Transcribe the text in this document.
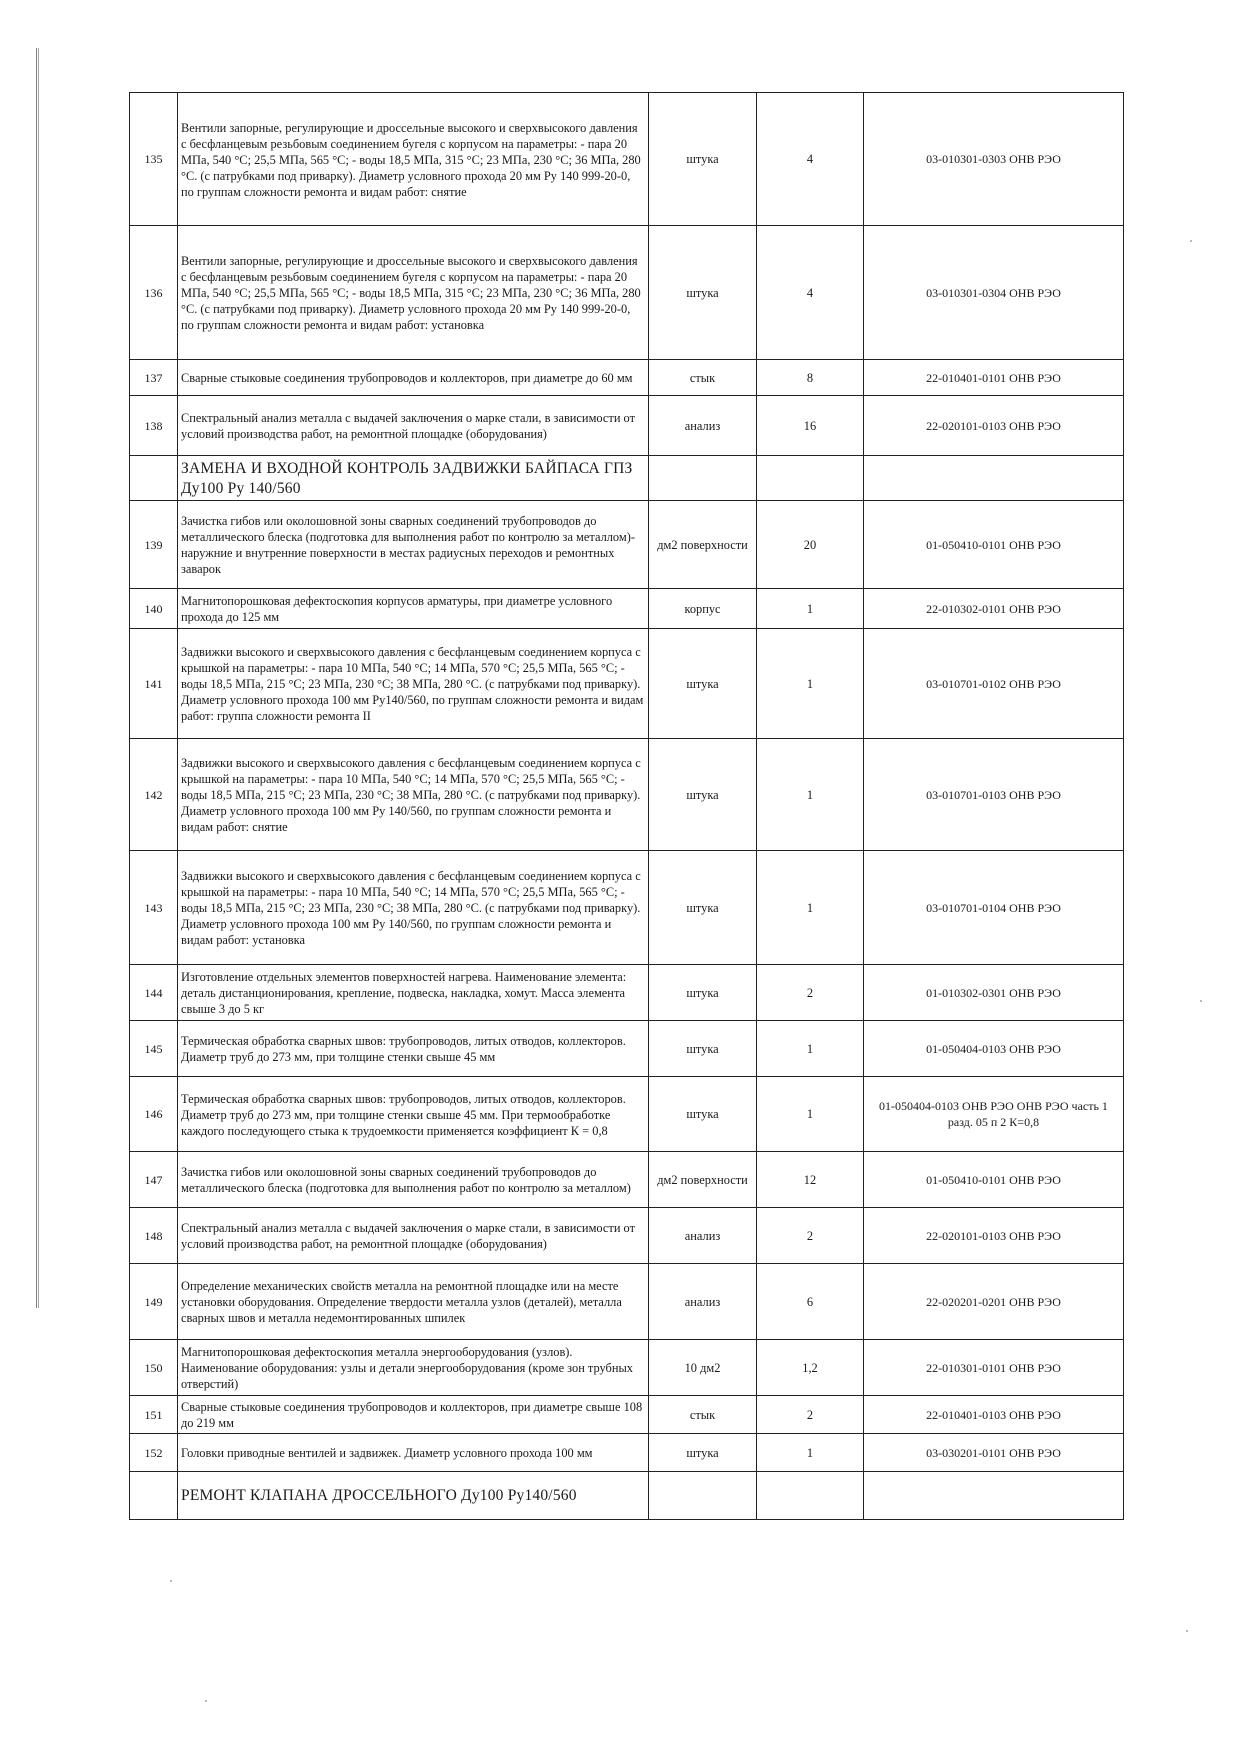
135	Вентили запорные, регулирующие и дроссельные высокого и сверхвысокого давления с бесфланцевым резьбовым соединением бугеля с корпусом на параметры: - пара 20 МПа, 540 °C; 25,5 МПа, 565 °C; - воды 18,5 МПа, 315 °C; 23 МПа, 230 °C; 36 МПа, 280 °C. (с патрубками под приварку). Диаметр условного прохода 20 мм Ру 140 999-20-0, по группам сложности ремонта и видам работ: снятие	штука	4	03-010301-0303 ОНВ РЭО
136	Вентили запорные, регулирующие и дроссельные высокого и сверхвысокого давления с бесфланцевым резьбовым соединением бугеля с корпусом на параметры: - пара 20 МПа, 540 °C; 25,5 МПа, 565 °C; - воды 18,5 МПа, 315 °C; 23 МПа, 230 °C; 36 МПа, 280 °C. (с патрубками под приварку). Диаметр условного прохода 20 мм Ру 140 999-20-0, по группам сложности ремонта и видам работ: установка	штука	4	03-010301-0304 ОНВ РЭО
137	Сварные стыковые соединения трубопроводов и коллекторов, при диаметре до 60 мм	стык	8	22-010401-0101 ОНВ РЭО
138	Спектральный анализ металла с выдачей заключения о марке стали, в зависимости от условий производства работ, на ремонтной площадке (оборудования)	анализ	16	22-020101-0103 ОНВ РЭО
	ЗАМЕНА И ВХОДНОЙ КОНТРОЛЬ ЗАДВИЖКИ БАЙПАСА ГПЗ Ду100 Ру 140/560			
139	Зачистка гибов или околошовной зоны сварных соединений трубопроводов до металлического блеска (подготовка для выполнения работ по контролю за металлом)-наружние и внутренние поверхности в местах радиусных переходов и ремонтных заварок	дм2 поверхности	20	01-050410-0101 ОНВ РЭО
140	Магнитопорошковая дефектоскопия корпусов арматуры, при диаметре условного прохода до 125 мм	корпус	1	22-010302-0101 ОНВ РЭО
141	Задвижки высокого и сверхвысокого давления с бесфланцевым соединением корпуса с крышкой на параметры: - пара 10 МПа, 540 °C; 14 МПа, 570 °C; 25,5 МПа, 565 °C; - воды 18,5 МПа, 215 °C; 23 МПа, 230 °C; 38 МПа, 280 °C. (с патрубками под приварку). Диаметр условного прохода 100 мм Ру140/560, по группам сложности ремонта и видам работ: группа сложности ремонта II	штука	1	03-010701-0102 ОНВ РЭО
142	Задвижки высокого и сверхвысокого давления с бесфланцевым соединением корпуса с крышкой на параметры: - пара 10 МПа, 540 °C; 14 МПа, 570 °C; 25,5 МПа, 565 °C; - воды 18,5 МПа, 215 °C; 23 МПа, 230 °C; 38 МПа, 280 °C. (с патрубками под приварку). Диаметр условного прохода 100 мм Ру 140/560, по группам сложности ремонта и видам работ: снятие	штука	1	03-010701-0103 ОНВ РЭО
143	Задвижки высокого и сверхвысокого давления с бесфланцевым соединением корпуса с крышкой на параметры: - пара 10 МПа, 540 °C; 14 МПа, 570 °C; 25,5 МПа, 565 °C; - воды 18,5 МПа, 215 °C; 23 МПа, 230 °C; 38 МПа, 280 °C. (с патрубками под приварку). Диаметр условного прохода 100 мм Ру 140/560, по группам сложности ремонта и видам работ: установка	штука	1	03-010701-0104 ОНВ РЭО
144	Изготовление отдельных элементов поверхностей нагрева. Наименование элемента: деталь дистанционирования, крепление, подвеска, накладка, хомут. Масса элемента свыше 3 до 5 кг	штука	2	01-010302-0301 ОНВ РЭО
145	Термическая обработка сварных швов: трубопроводов, литых отводов, коллекторов. Диаметр труб до 273 мм, при толщине стенки свыше 45 мм	штука	1	01-050404-0103 ОНВ РЭО
146	Термическая обработка сварных швов: трубопроводов, литых отводов, коллекторов. Диаметр труб до 273 мм, при толщине стенки свыше 45 мм. При термообработке каждого последующего стыка к трудоемкости применяется коэффициент К = 0,8	штука	1	01-050404-0103 ОНВ РЭО ОНВ РЭО часть 1 разд. 05 п 2 К=0,8
147	Зачистка гибов или околошовной зоны сварных соединений трубопроводов до металлического блеска (подготовка для выполнения работ по контролю за металлом)	дм2 поверхности	12	01-050410-0101 ОНВ РЭО
148	Спектральный анализ металла с выдачей заключения о марке стали, в зависимости от условий производства работ, на ремонтной площадке (оборудования)	анализ	2	22-020101-0103 ОНВ РЭО
149	Определение механических свойств металла на ремонтной площадке или на месте установки оборудования. Определение твердости металла узлов (деталей), металла сварных швов и металла недемонтированных шпилек	анализ	6	22-020201-0201 ОНВ РЭО
150	Магнитопорошковая дефектоскопия металла энергооборудования (узлов). Наименование оборудования: узлы и детали энергооборудования (кроме зон трубных отверстий)	10 дм2	1,2	22-010301-0101 ОНВ РЭО
151	Сварные стыковые соединения трубопроводов и коллекторов, при диаметре свыше 108 до 219 мм	стык	2	22-010401-0103 ОНВ РЭО
152	Головки приводные вентилей и задвижек. Диаметр условного прохода 100 мм	штука	1	03-030201-0101 ОНВ РЭО
	РЕМОНТ КЛАПАНА ДРОССЕЛЬНОГО Ду100 Ру140/560			
